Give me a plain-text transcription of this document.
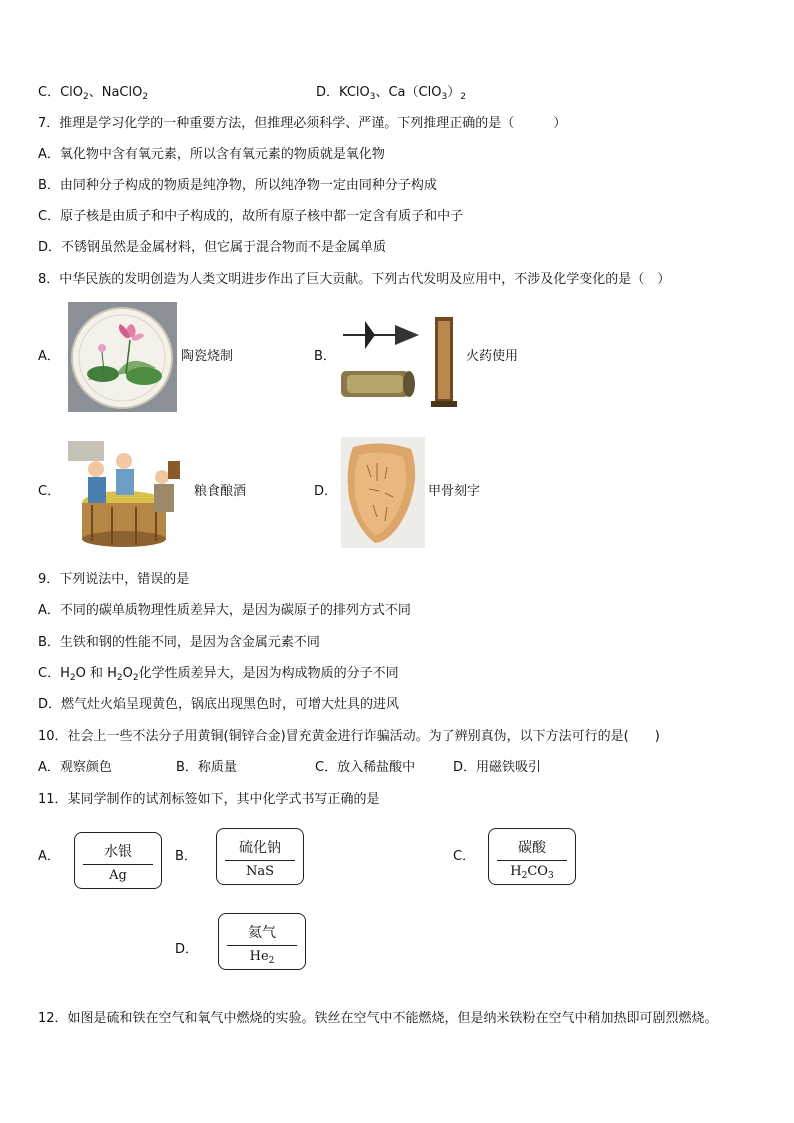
C．ClO$_2$、NaClO$_2$	D．KClO$_3$、$Ca(ClO_3)_2$
7．推理是学习化学的一种重要方法，但推理必须科学、严谨。下列推理正确的是（　　　）
A．氧化物中含有氧元素，所以含有氧元素的物质就是氧化物
B．由同种分子构成的物质是纯净物，所以纯净物一定由同种分子构成
C．原子核是由质子和中子构成的，故所有原子核中都一定含有质子和中子
D．不锈钢虽然是金属材料，但它属于混合物而不是金属单质
8．中华民族的发明创造为人类文明进步作出了巨大贡献。下列古代发明及应用中，不涉及化学变化的是（　）
A．	陶瓷烧制	B．	火药使用
C．	粮食酿酒	D．	甲骨刻字
9．下列说法中，错误的是
A．不同的碳单质物理性质差异大，是因为碳原子的排列方式不同
B．生铁和钢的性能不同，是因为含金属元素不同
C．$H_2O$ 和 $H_2O_2$化学性质差异大，是因为构成物质的分子不同
D．燃气灶火焰呈现黄色，锅底出现黑色时，可增大灶具的进风
10．社会上一些不法分子用黄铜(铜锌合金)冒充黄金进行诈骗活动。为了辨别真伪，以下方法可行的是(　　)
A．观察颜色	B．称质量	C．放入稀盐酸中	D．用磁铁吸引
11．某同学制作的试剂标签如下，其中化学式书写正确的是
A．	水银
Ag
B．
硫化钠
NaS
C．
碳酸
$H_2CO_3$
D．
氦气
$He_2$
12．如图是硫和铁在空气和氧气中燃烧的实验。铁丝在空气中不能燃烧，但是纳米铁粉在空气中稍加热即可剧烈燃烧。
